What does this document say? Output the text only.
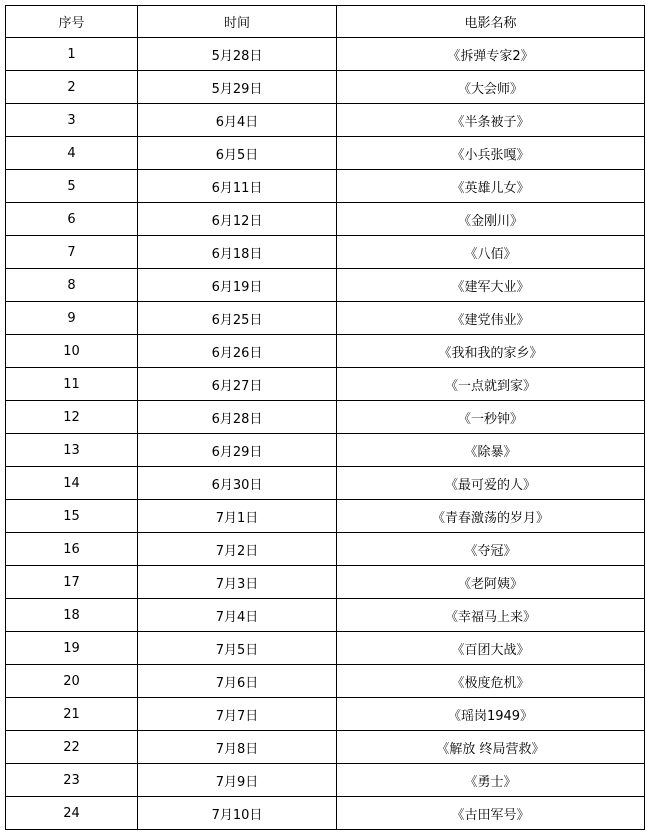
序号	时间	电影名称
1	5月28日	《拆弹专家2》
2	5月29日	《大会师》
3	6月4日	《半条被子》
4	6月5日	《小兵张嘎》
5	6月11日	《英雄儿女》
6	6月12日	《金刚川》
7	6月18日	《八佰》
8	6月19日	《建军大业》
9	6月25日	《建党伟业》
10	6月26日	《我和我的家乡》
11	6月27日	《一点就到家》
12	6月28日	《一秒钟》
13	6月29日	《除暴》
14	6月30日	《最可爱的人》
15	7月1日	《青春激荡的岁月》
16	7月2日	《夺冠》
17	7月3日	《老阿姨》
18	7月4日	《幸福马上来》
19	7月5日	《百团大战》
20	7月6日	《极度危机》
21	7月7日	《瑶岗1949》
22	7月8日	《解放 终局营救》
23	7月9日	《勇士》
24	7月10日	《古田军号》
